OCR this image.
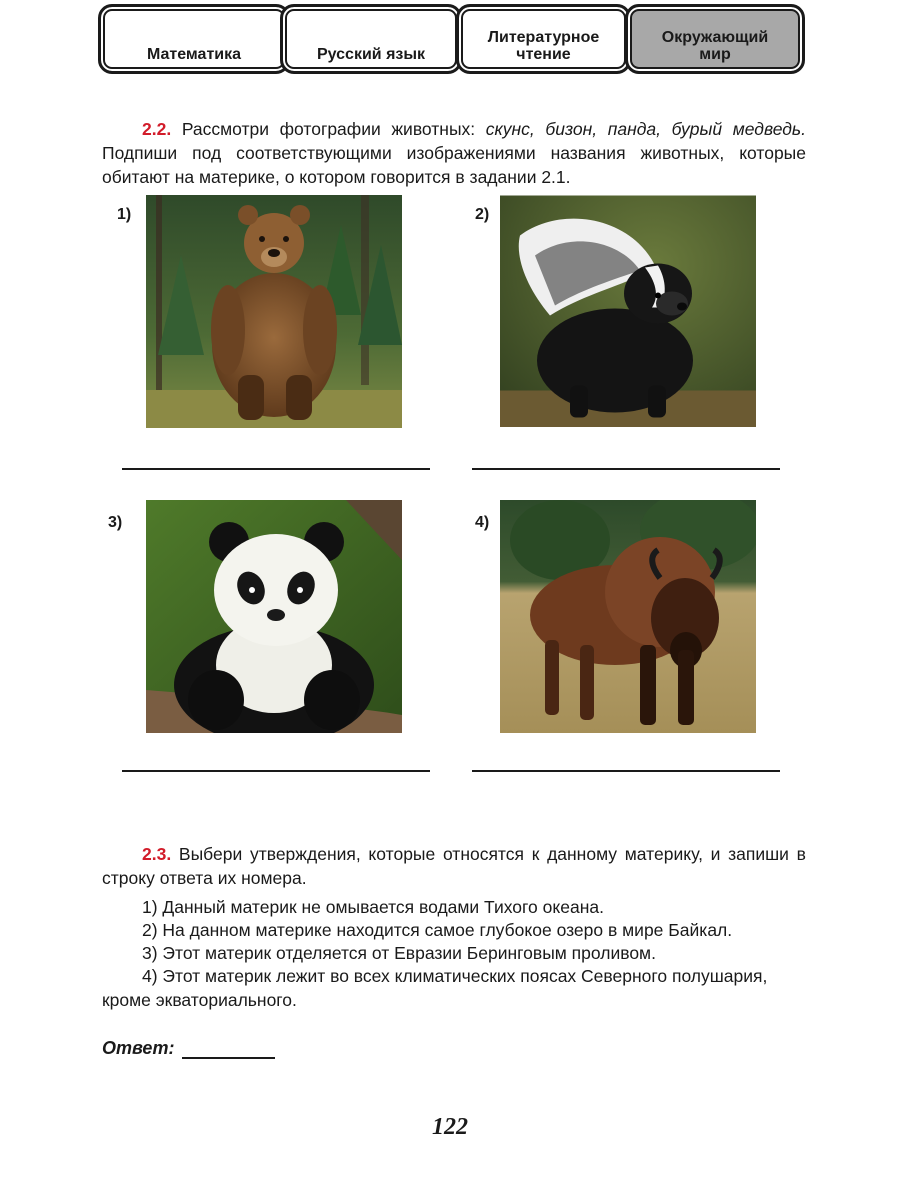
Математика	Русский язык
Литературное
чтение
Окружающий
мир
2.2. Рассмотри фотографии животных: скунс, бизон, панда, бурый медведь. Подпиши под соответствующими изображениями названия животных, которые обитают на материке, о котором говорится в задании 2.1.
1)	2)
3)	4)
2.3. Выбери утверждения, которые относятся к данному материку, и запиши в строку ответа их номера.
1) Данный материк не омывается водами Тихого океана.
2) На данном материке находится самое глубокое озеро в мире Байкал.
3) Этот материк отделяется от Евразии Беринговым проливом.
4) Этот материк лежит во всех климатических поясах Северного полушария, кроме экваториального.
Ответ:
122
